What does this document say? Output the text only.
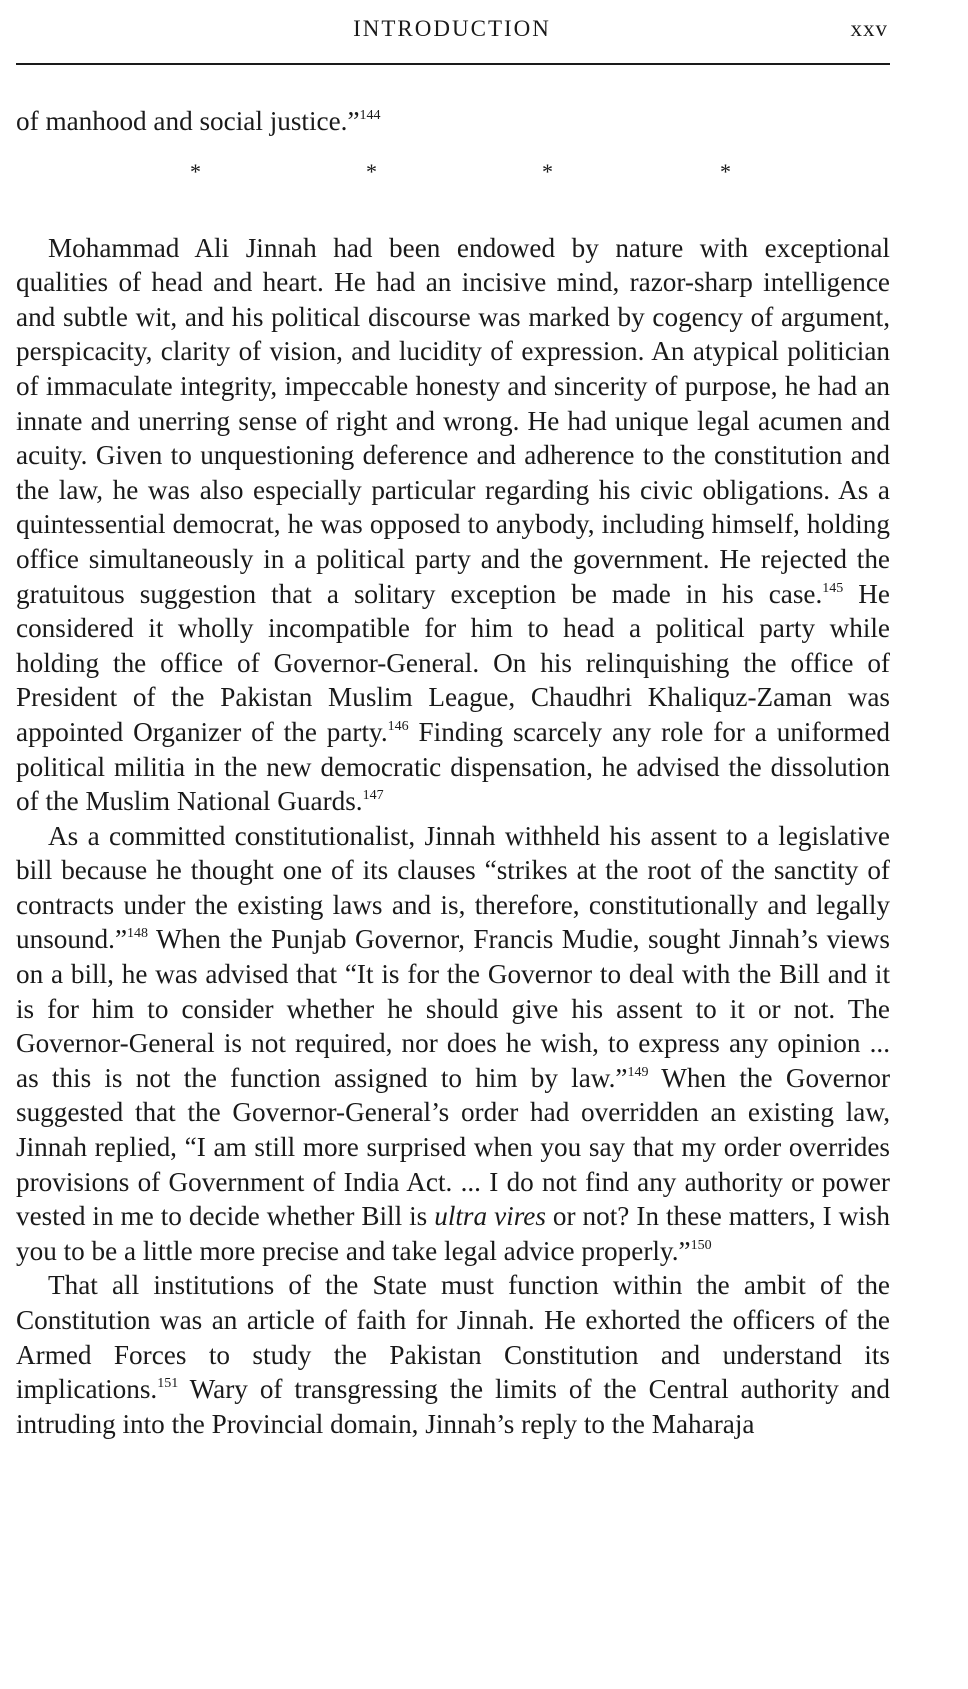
INTRODUCTION	xxv

of manhood and social justice.”$^{144}$

*	*	*	*

Mohammad Ali Jinnah had been endowed by nature with exceptional qualities of head and heart. He had an incisive mind, razor-sharp intelligence and subtle wit, and his political discourse was marked by cogency of argument, perspicacity, clarity of vision, and lucidity of expression. An atypical politician of immaculate integrity, impeccable honesty and sincerity of purpose, he had an innate and unerring sense of right and wrong. He had unique legal acumen and acuity. Given to unquestioning deference and adherence to the constitution and the law, he was also especially particular regarding his civic obligations. As a quintessential democrat, he was opposed to anybody, including himself, holding office simultaneously in a political party and the government. He rejected the gratuitous suggestion that a solitary exception be made in his case.$^{145}$ He considered it wholly incompatible for him to head a political party while holding the office of Governor-General. On his relinquishing the office of President of the Pakistan Muslim League, Chaudhri Khaliquz-Zaman was appointed Organizer of the party.$^{146}$ Finding scarcely any role for a uniformed political militia in the new democratic dispensation, he advised the dissolution of the Muslim National Guards.$^{147}$

As a committed constitutionalist, Jinnah withheld his assent to a legislative bill because he thought one of its clauses “strikes at the root of the sanctity of contracts under the existing laws and is, therefore, constitutionally and legally unsound.”$^{148}$ When the Punjab Governor, Francis Mudie, sought Jinnah’s views on a bill, he was advised that “It is for the Governor to deal with the Bill and it is for him to consider whether he should give his assent to it or not. The Governor-General is not required, nor does he wish, to express any opinion ... as this is not the function assigned to him by law.”$^{149}$ When the Governor suggested that the Governor-General’s order had overridden an existing law, Jinnah replied, “I am still more surprised when you say that my order overrides provisions of Government of India Act. ... I do not find any authority or power vested in me to decide whether Bill is ultra vires or not? In these matters, I wish you to be a little more precise and take legal advice properly.”$^{150}$

That all institutions of the State must function within the ambit of the Constitution was an article of faith for Jinnah. He exhorted the officers of the Armed Forces to study the Pakistan Constitution and understand its implications.$^{151}$ Wary of transgressing the limits of the Central authority and intruding into the Provincial domain, Jinnah’s reply to the Maharaja
